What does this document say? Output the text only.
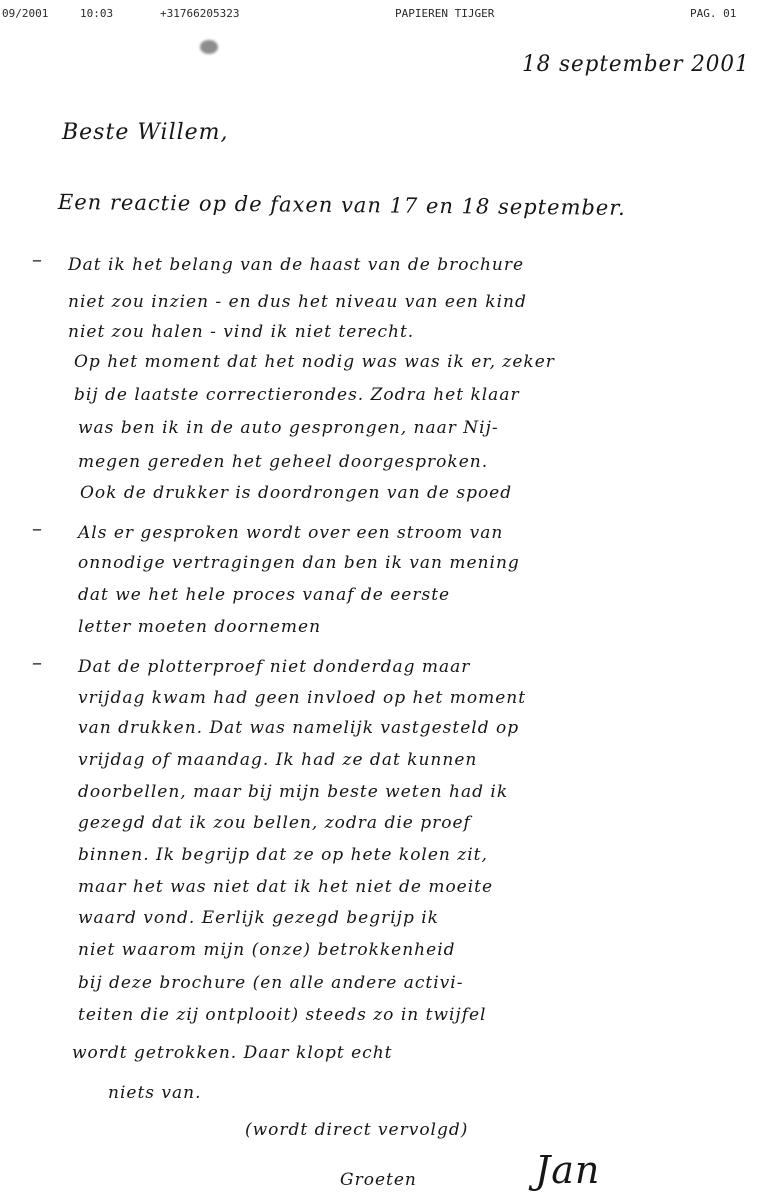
09/2001	10:03	+31766205323	PAPIEREN TIJGER	PAG. 01
18 september 2001
Beste Willem,
Een reactie op de faxen van 17 en 18 september.
– Dat ik het belang van de haast van de brochure
niet zou inzien - en dus het niveau van een kind
niet zou halen - vind ik niet terecht.
Op het moment dat het nodig was was ik er, zeker
bij de laatste correctierondes. Zodra het klaar
was ben ik in de auto gesprongen, naar Nij-
megen gereden het geheel doorgesproken.
Ook de drukker is doordrongen van de spoed
– Als er gesproken wordt over een stroom van
onnodige vertragingen dan ben ik van mening
dat we het hele proces vanaf de eerste
letter moeten doornemen
– Dat de plotterproef niet donderdag maar
vrijdag kwam had geen invloed op het moment
van drukken. Dat was namelijk vastgesteld op
vrijdag of maandag. Ik had ze dat kunnen
doorbellen, maar bij mijn beste weten had ik
gezegd dat ik zou bellen, zodra die proef
binnen. Ik begrijp dat ze op hete kolen zit,
maar het was niet dat ik het niet de moeite
waard vond. Eerlijk gezegd begrijp ik
niet waarom mijn (onze) betrokkenheid
bij deze brochure (en alle andere activi-
teiten die zij ontplooit) steeds zo in twijfel
wordt getrokken. Daar klopt echt
niets van.
(wordt direct vervolgd)
Groeten	Jan
